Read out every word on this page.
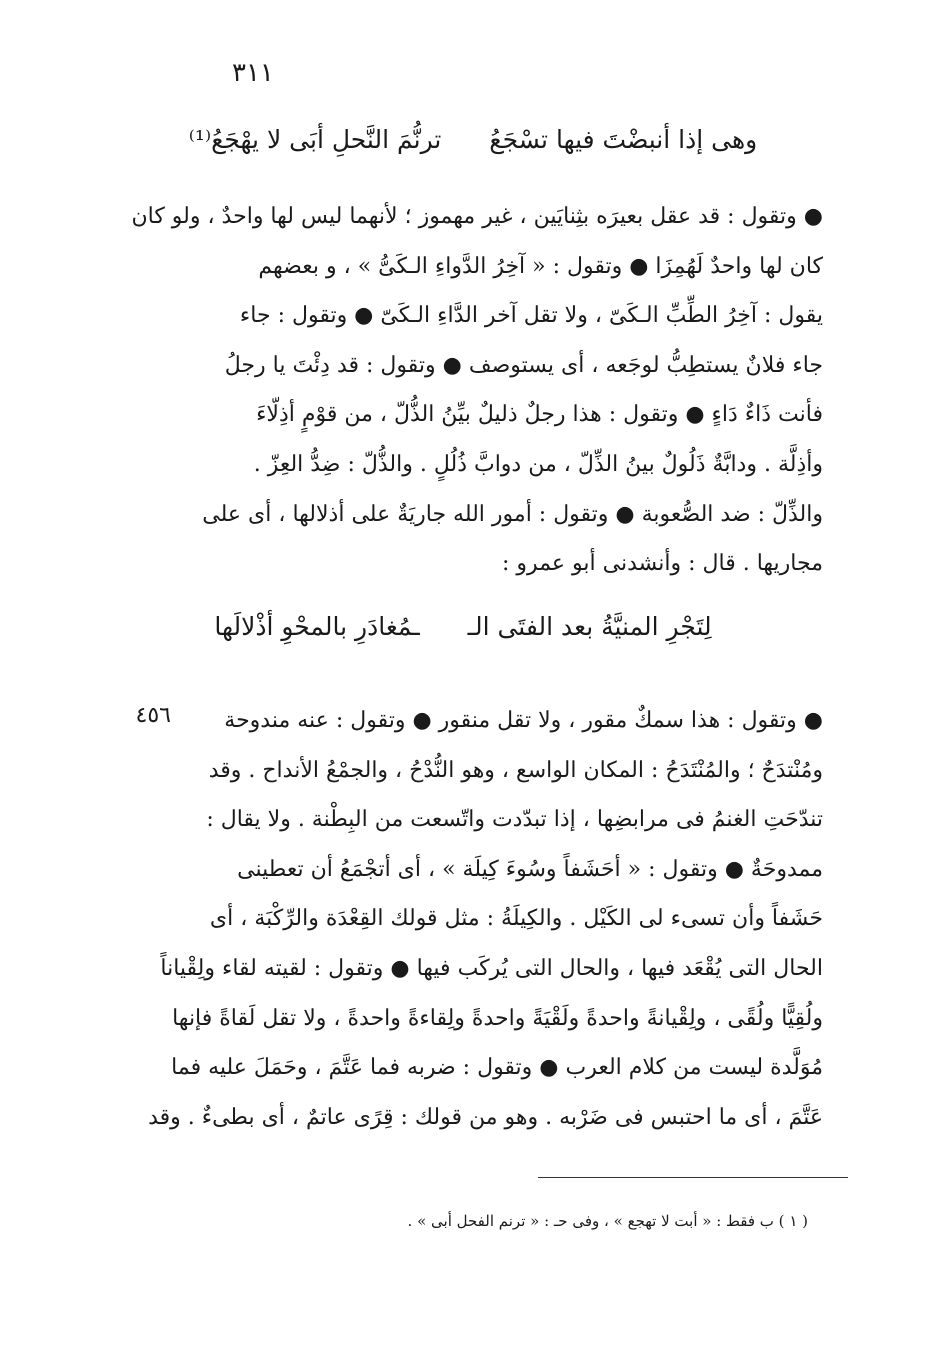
٣١١
وهى إذا أنبضْتَ فيها تسْجَعُ ترنُّمَ النَّحلِ أبَى لا يهْجَعُ⁽¹⁾
● وتقول : قد عقل بعيرَه بثِنايَين ، غير مهموز ؛ لأنهما ليس لها واحدٌ ، ولو كان
كان لها واحدٌ لَهُمِزَا ● وتقول : « آخِرُ الدَّواءِ الـكَىُّ » ، و بعضهم
يقول : آخِرُ الطِّبِّ الـكَىّ ، ولا تقل آخر الدَّاءِ الـكَىّ ● وتقول : جاء
جاء فلانٌ يستطِبُّ لوجَعه ، أى يستوصف ● وتقول : قد دِئْتَ يا رجلُ
فأنت ذَاءٌ دَاءٍ ● وتقول : هذا رجلٌ ذليلٌ بيِّنُ الذُّلّ ، من قوْمٍ أذِلّاءَ
وأذِلَّة . ودابَّةٌ ذَلُولٌ بينُ الذِّلّ ، من دوابَّ ذُلُلٍ . والذُّلّ : ضِدُّ العِزّ .
والذِّلّ : ضد الصُّعوبة ● وتقول : أمور الله جاريَةٌ على أذلالها ، أى على
مجاريها . قال : وأنشدنى أبو عمرو :
لِتَجْرِ المنيَّةُ بعد الفتَى الـ ـمُغادَرِ بالمحْوِ أذْلالَها
٤٥٦	● وتقول : هذا سمكٌ مقور ، ولا تقل منقور ● وتقول : عنه مندوحة
ومُنْتدَحٌ ؛ والمُنْتَدَحُ : المكان الواسع ، وهو النُّدْحُ ، والجمْعُ الأنداح . وقد
تندّحَتِ الغنمُ فى مرابضِها ، إذا تبدّدت واتّسعت من البِطْنة . ولا يقال :
ممدوحَةٌ ● وتقول : « أحَشَفاً وسُوءَ كِيلَة » ، أى أتجْمَعُ أن تعطينى
حَشَفاً وأن تسىء لى الكَيْل . والكِيلَةُ : مثل قولك القِعْدَة والرِّكْبَة ، أى
الحال التى يُقْعَد فيها ، والحال التى يُركَب فيها ● وتقول : لقيته لقاء ولِقْياناً
ولُقِيًّا ولُقًى ، ولِقْيانةً واحدةً ولَقْيَةً واحدةً ولِقاءةً واحدةً ، ولا تقل لَقاةً فإنها
مُوَلَّدة ليست من كلام العرب ● وتقول : ضربه فما عَتَّمَ ، وحَمَلَ عليه فما
عَتَّمَ ، أى ما احتبس فى ضَرْبه . وهو من قولك : قِرًى عاتمٌ ، أى بطىءٌ . وقد
( ١ ) ب فقط : « أبت لا تهجع » ، وفى حـ : « ترنم الفحل أبى » .
